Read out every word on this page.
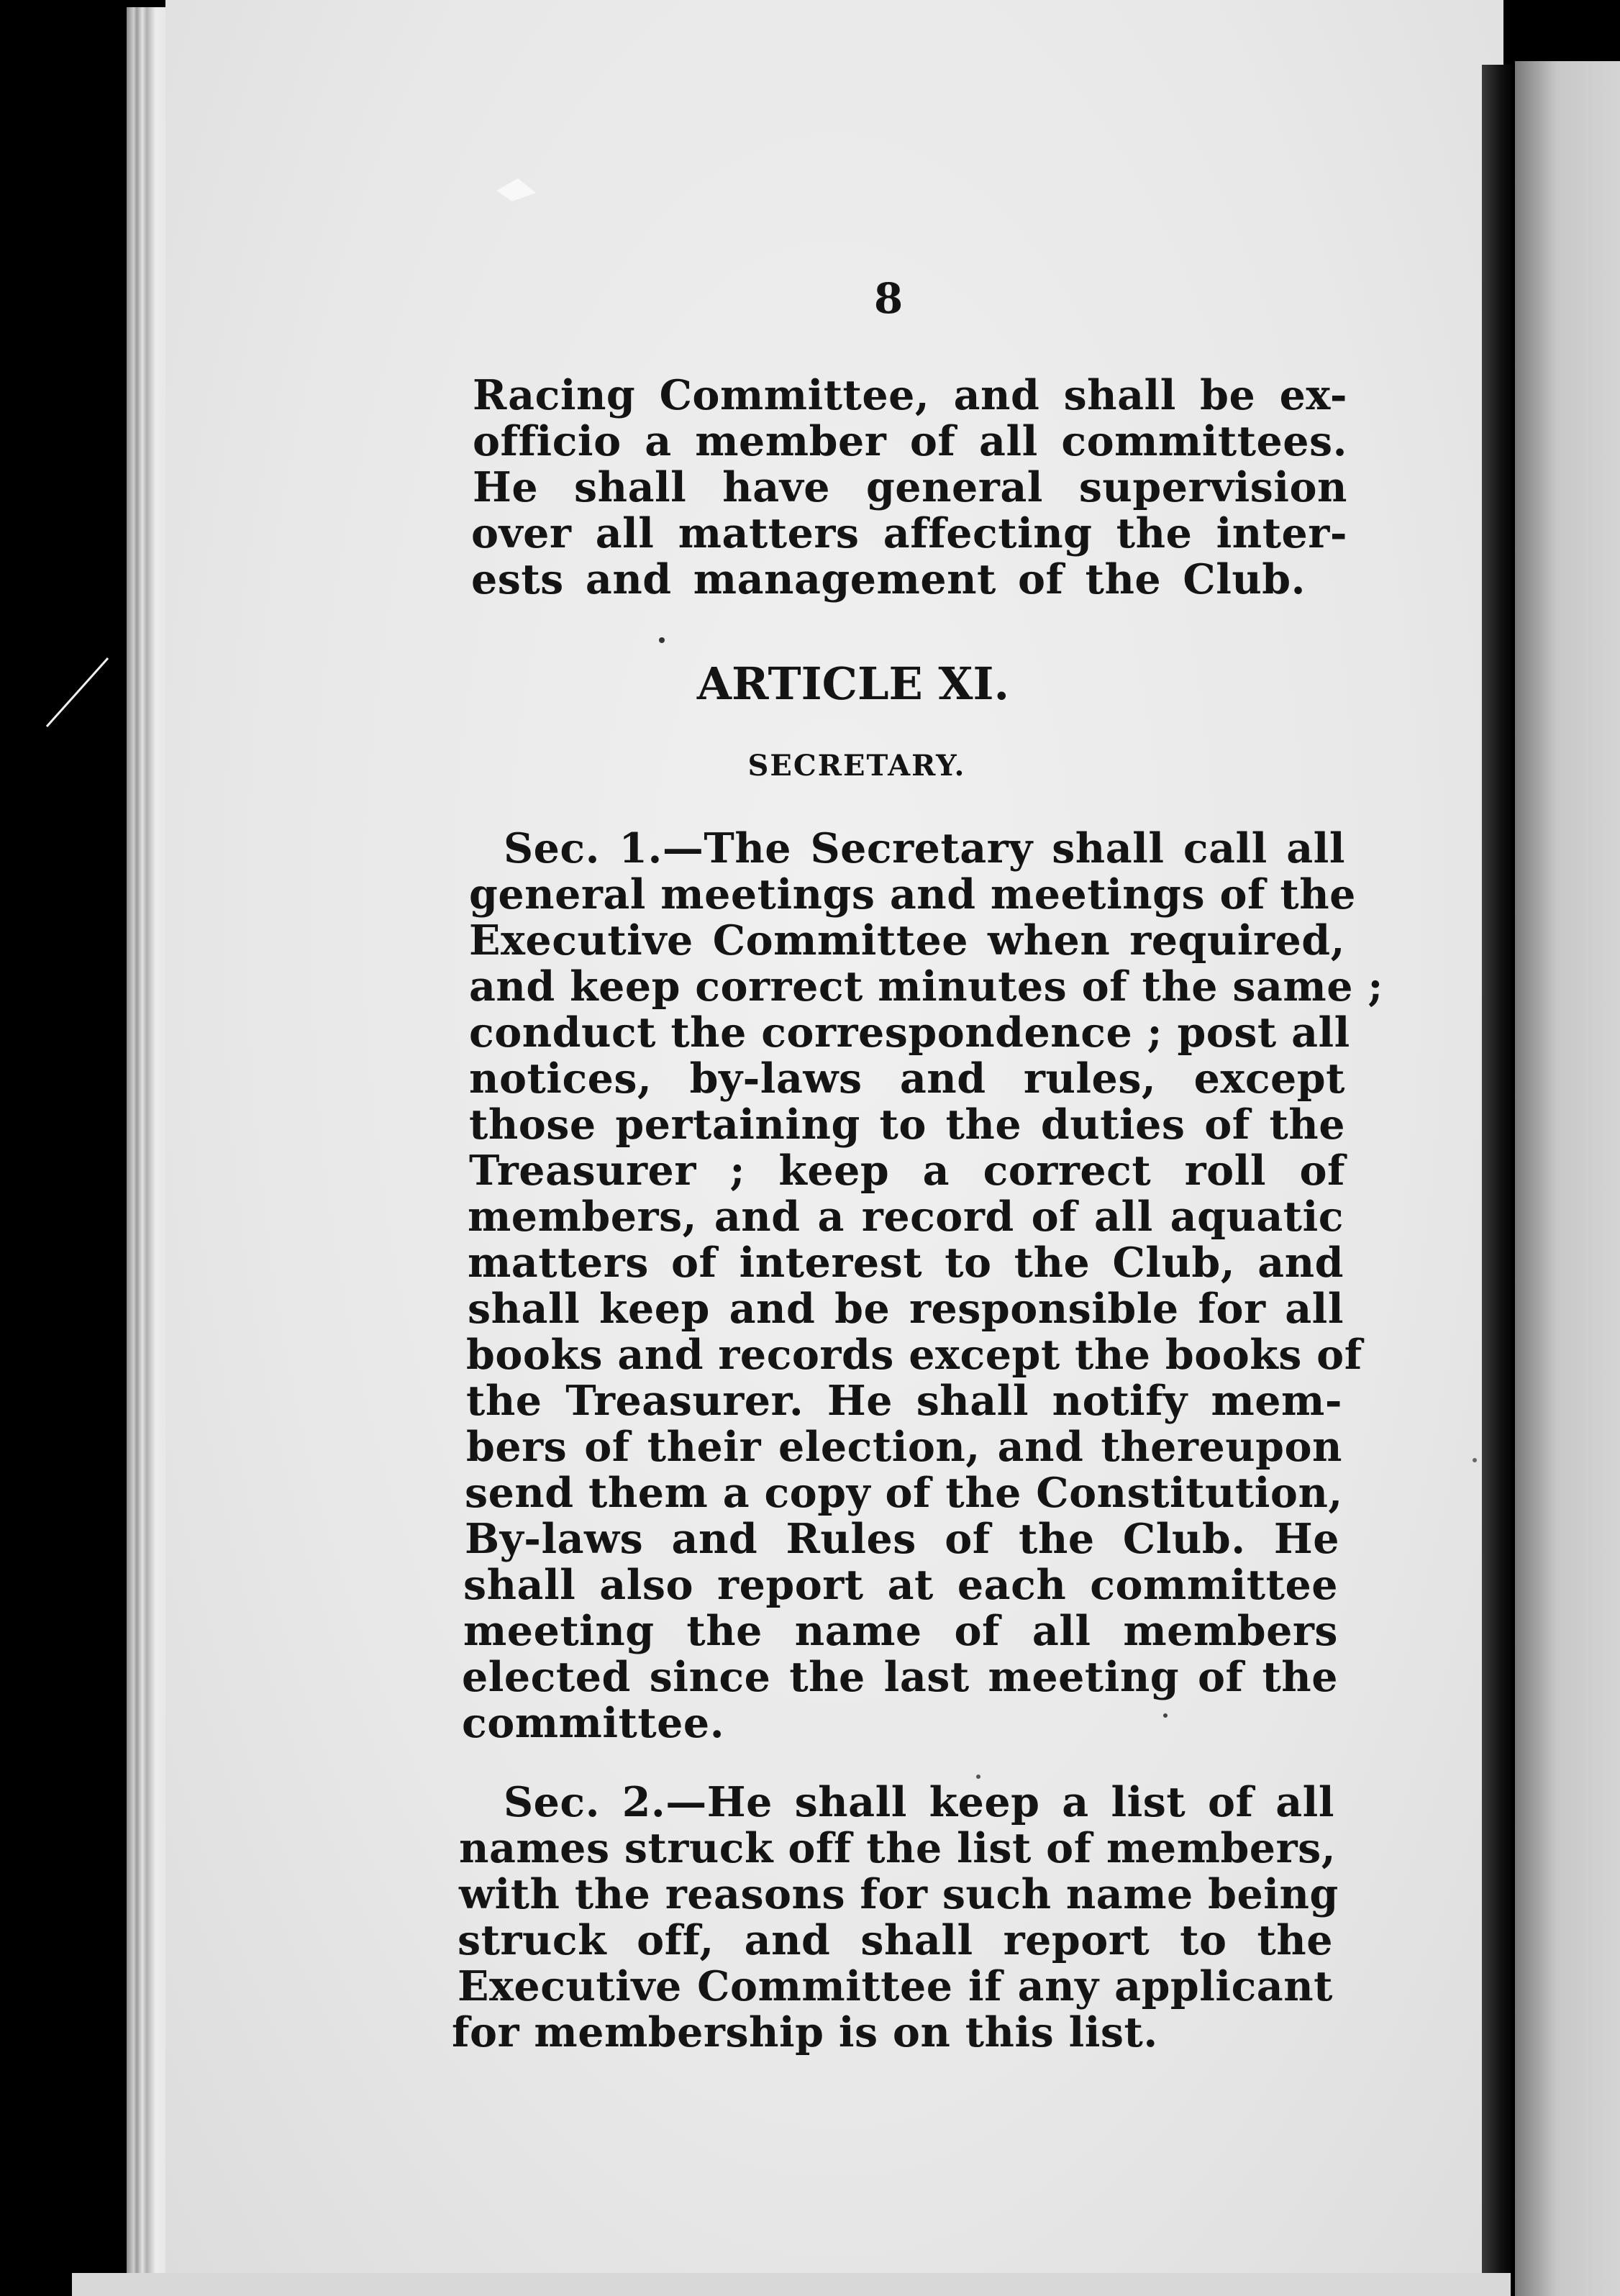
8
Racing Committee, and shall be ex-
officio a member of all committees.
He shall have general supervision
over all matters affecting the inter-
ests and management of the Club.
ARTICLE XI.
SECRETARY.
Sec. 1.—The Secretary shall call all
general meetings and meetings of the
Executive Committee when required,
and keep correct minutes of the same ;
conduct the correspondence ; post all
notices, by-laws and rules, except
those pertaining to the duties of the
Treasurer ; keep a correct roll of
members, and a record of all aquatic
matters of interest to the Club, and
shall keep and be responsible for all
books and records except the books of
the Treasurer. He shall notify mem-
bers of their election, and thereupon
send them a copy of the Constitution,
By-laws and Rules of the Club. He
shall also report at each committee
meeting the name of all members
elected since the last meeting of the
committee.
Sec. 2.—He shall keep a list of all
names struck off the list of members,
with the reasons for such name being
struck off, and shall report to the
Executive Committee if any applicant
for membership is on this list.
